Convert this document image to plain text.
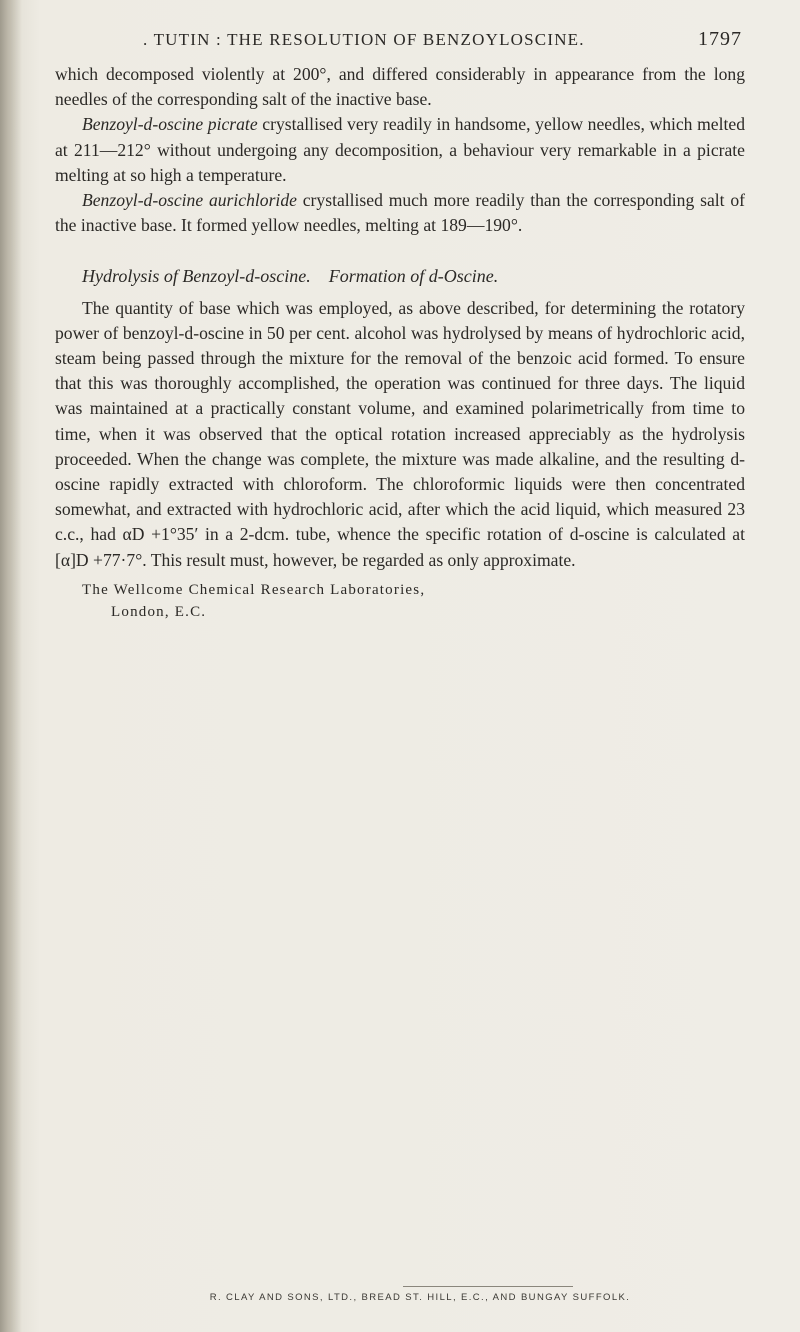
. TUTIN : THE RESOLUTION OF BENZOYLOSCINE.	1797

which decomposed violently at 200°, and differed considerably in appearance from the long needles of the corresponding salt of the inactive base.

Benzoyl-d-oscine picrate crystallised very readily in handsome, yellow needles, which melted at 211—212° without undergoing any decomposition, a behaviour very remarkable in a picrate melting at so high a temperature.

Benzoyl-d-oscine aurichloride crystallised much more readily than the corresponding salt of the inactive base. It formed yellow needles, melting at 189—190°.

Hydrolysis of Benzoyl-d-oscine. Formation of d-Oscine.

The quantity of base which was employed, as above described, for determining the rotatory power of benzoyl-d-oscine in 50 per cent. alcohol was hydrolysed by means of hydrochloric acid, steam being passed through the mixture for the removal of the benzoic acid formed. To ensure that this was thoroughly accomplished, the operation was continued for three days. The liquid was maintained at a practically constant volume, and examined polarimetrically from time to time, when it was observed that the optical rotation increased appreciably as the hydrolysis proceeded. When the change was complete, the mixture was made alkaline, and the resulting d-oscine rapidly extracted with chloroform. The chloroformic liquids were then concentrated somewhat, and extracted with hydrochloric acid, after which the acid liquid, which measured 23 c.c., had αD +1°35′ in a 2-dcm. tube, whence the specific rotation of d-oscine is calculated at [α]D +77·7°. This result must, however, be regarded as only approximate.

The Wellcome Chemical Research Laboratories,
London, E.C.
R. CLAY AND SONS, LTD., BREAD ST. HILL, E.C., AND BUNGAY SUFFOLK.
